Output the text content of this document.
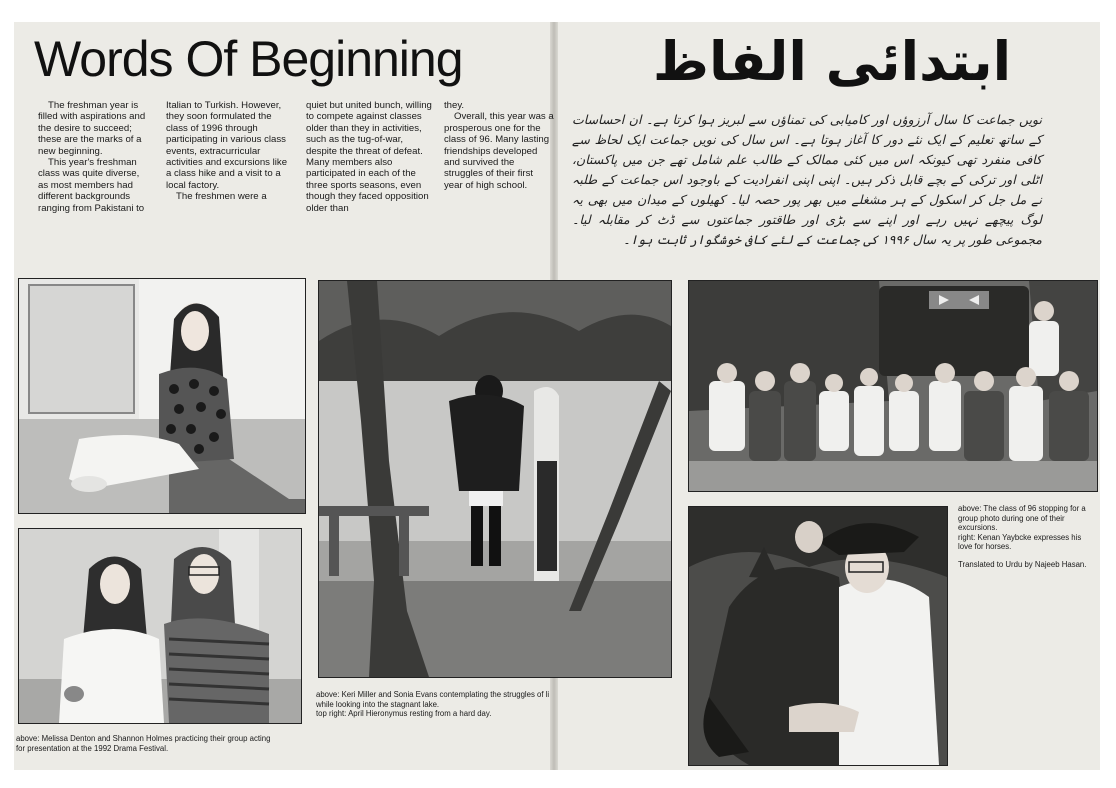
Words Of Beginning	ابتدائی الفاظ

The freshman year is filled with aspirations and the desire to succeed; these are the marks of a new beginning.

This year's freshman class was quite diverse, as most members had different backgrounds ranging from Pakistani to

Italian to Turkish. However, they soon formulated the class of 1996 through participating in various class events, extracurricular activities and excursions like a class hike and a visit to a local factory.

The freshmen were a

quiet but united bunch, willing to compete against classes older than they in activities, such as the tug-of-war, despite the threat of defeat. Many members also participated in each of the three sports seasons, even though they faced opposition older than

they.

Overall, this year was a prosperous one for the class of 96. Many lasting friendships developed and survived the struggles of their first year of high school.

نویں جماعت کا سال آرزوؤں اور کامیابی کی تمناؤں سے لبریز ہوا کرتا ہے۔ ان احساسات کے ساتھ تعلیم کے ایک نئے دور کا آغاز ہوتا ہے۔ اس سال کی نویں جماعت ایک لحاظ سے کافی منفرد تھی کیونکہ اس میں کئی ممالک کے طالب علم شامل تھے جن میں پاکستان، اٹلی اور ترکی کے بچے قابل ذکر ہیں۔ اپنی اپنی انفرادیت کے باوجود اس جماعت کے طلبہ نے مل جل کر اسکول کے ہر مشغلے میں بھر پور حصہ لیا۔ کھیلوں کے میدان میں بھی یہ لوگ پیچھے نہیں رہے اور اپنے سے بڑی اور طاقتور جماعتوں سے ڈٹ کر مقابلہ لیا۔ مجموعی طور پر یہ سال ۱۹۹۶ کی جماعت کے لئے کافی خوشگوار ثابت ہوا۔
above: Melissa Denton and Shannon Holmes practicing their group acting
for presentation at the 1992 Drama Festival.
above: Keri Miller and Sonia Evans contemplating the struggles of li
while looking into the stagnant lake.
top right: April Hieronymus resting from a hard day.
above: The class of 96 stopping for a group photo during one of their excursions.
right: Kenan Yaybcke expresses his love for horses.
Translated to Urdu by Najeeb Hasan.
